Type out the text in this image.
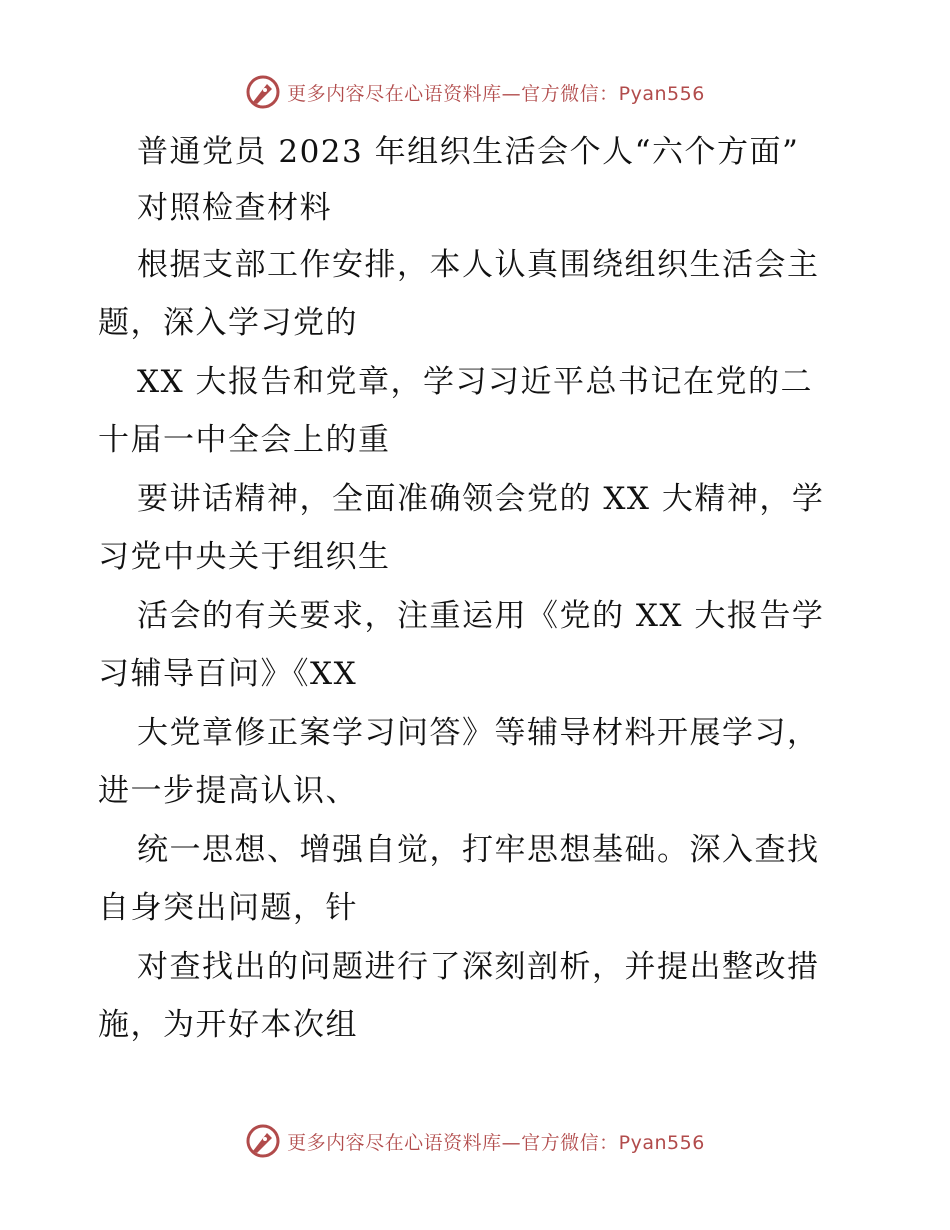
更多内容尽在心语资料库—官方微信：Pyan556
普通党员 2023 年组织生活会个人“六个方面”
对照检查材料
根据支部工作安排，本人认真围绕组织生活会主
题，深入学习党的
XX 大报告和党章，学习习近平总书记在党的二
十届一中全会上的重
要讲话精神，全面准确领会党的 XX 大精神，学
习党中央关于组织生
活会的有关要求，注重运用《党的 XX 大报告学
习辅导百问》《XX
大党章修正案学习问答》等辅导材料开展学习，
进一步提高认识、
统一思想、增强自觉，打牢思想基础。深入查找
自身突出问题，针
对查找出的问题进行了深刻剖析，并提出整改措
施，为开好本次组
更多内容尽在心语资料库—官方微信：Pyan556
